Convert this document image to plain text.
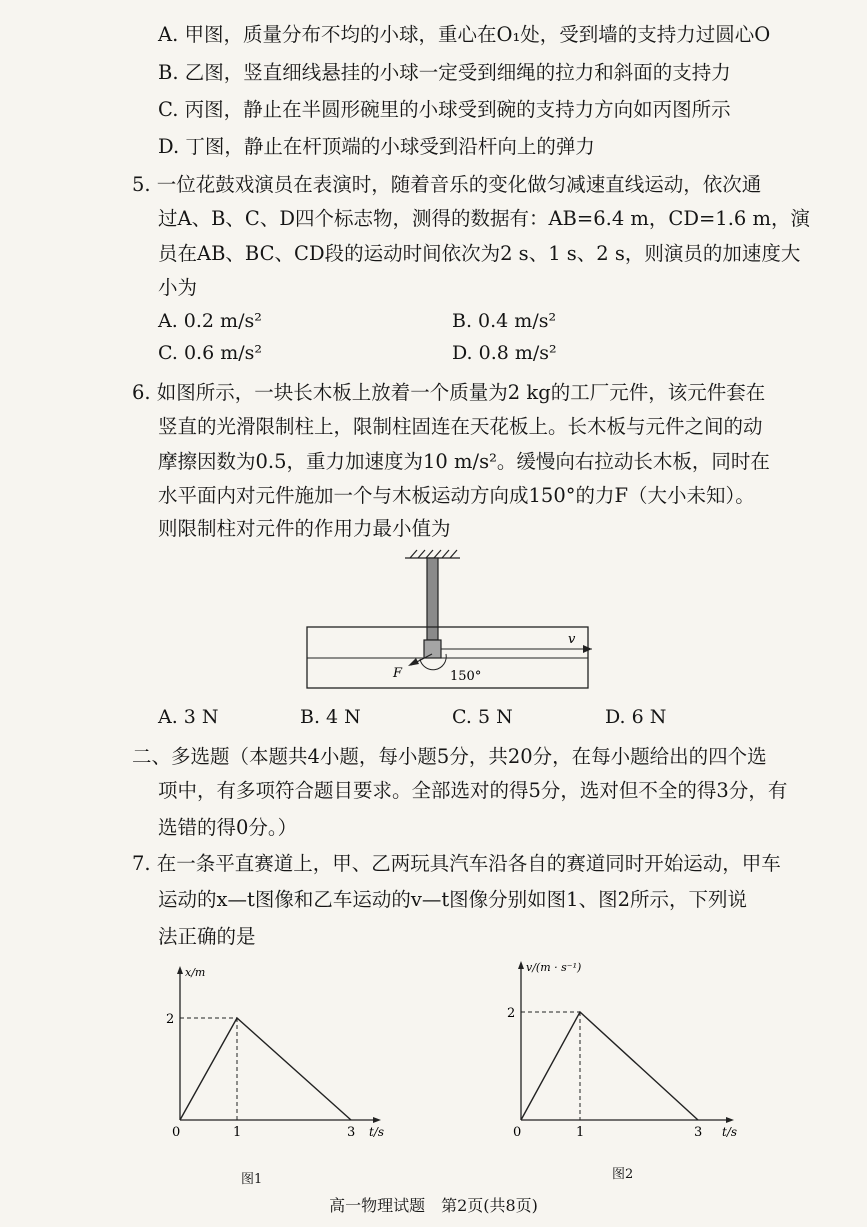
A. 甲图，质量分布不均的小球，重心在O₁处，受到墙的支持力过圆心O
B. 乙图，竖直细线悬挂的小球一定受到细绳的拉力和斜面的支持力
C. 丙图，静止在半圆形碗里的小球受到碗的支持力方向如丙图所示
D. 丁图，静止在杆顶端的小球受到沿杆向上的弹力
5. 一位花鼓戏演员在表演时，随着音乐的变化做匀减速直线运动，依次通
过A、B、C、D四个标志物，测得的数据有：AB=6.4 m，CD=1.6 m，演
员在AB、BC、CD段的运动时间依次为2 s、1 s、2 s，则演员的加速度大
小为
A. 0.2 m/s²	B. 0.4 m/s²
C. 0.6 m/s²	D. 0.8 m/s²
6. 如图所示，一块长木板上放着一个质量为2 kg的工厂元件，该元件套在
竖直的光滑限制柱上，限制柱固连在天花板上。长木板与元件之间的动
摩擦因数为0.5，重力加速度为10 m/s²。缓慢向右拉动长木板，同时在
水平面内对元件施加一个与木板运动方向成150°的力F（大小未知）。
则限制柱对元件的作用力最小值为
v
F	150°
A. 3 N	B. 4 N	C. 5 N	D. 6 N
二、多选题（本题共4小题，每小题5分，共20分，在每小题给出的四个选
项中，有多项符合题目要求。全部选对的得5分，选对但不全的得3分，有
选错的得0分。）
7. 在一条平直赛道上，甲、乙两玩具汽车沿各自的赛道同时开始运动，甲车
运动的x—t图像和乙车运动的v—t图像分别如图1、图2所示，下列说
法正确的是
0	1	3
2
x/m
t/s
图1
0	1	3
2
v/(m · s⁻¹)
t/s
图2
高一物理试题　第2页(共8页)
